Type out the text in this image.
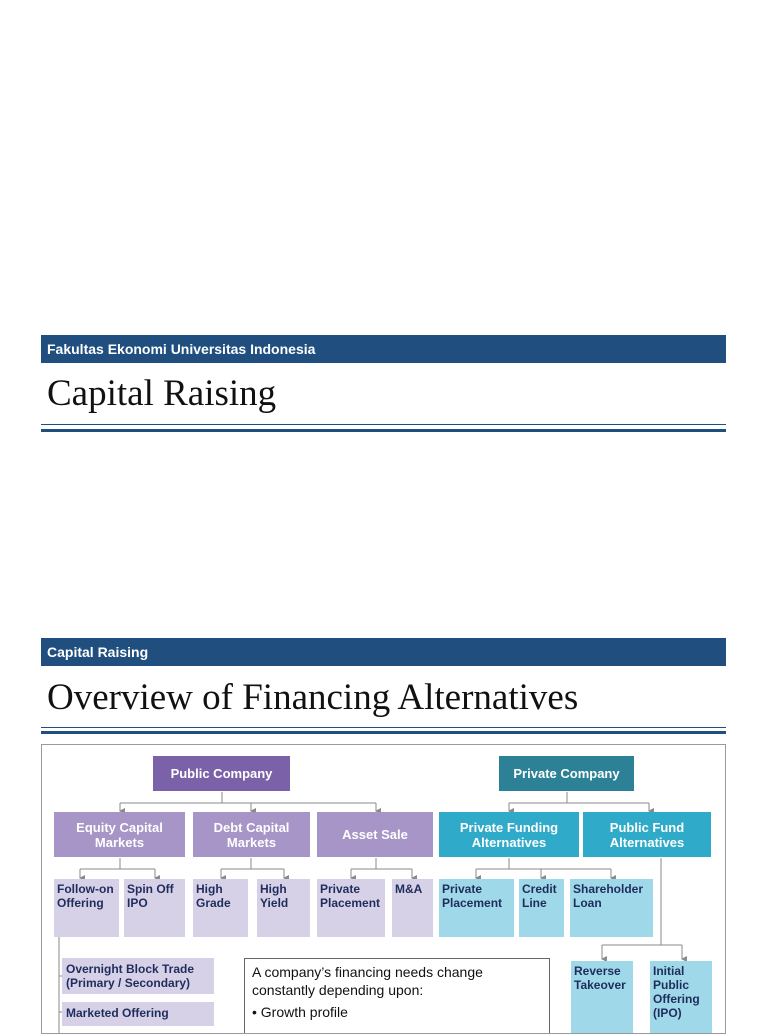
Fakultas Ekonomi Universitas Indonesia
Capital Raising
Capital Raising
Overview of Financing Alternatives
Public Company	Private Company
Equity Capital Markets
Debt Capital Markets	Asset Sale	Private Funding Alternatives
Public Fund Alternatives
Follow-on Offering
Spin Off IPO
High Grade
High Yield
Private Placement
M&A	Private Placement
Credit Line
Shareholder Loan
Overnight Block Trade (Primary / Secondary)
Marketed Offering

A company’s financing needs change constantly depending upon:

• Growth profile

Reverse Takeover
Initial Public Offering (IPO)
